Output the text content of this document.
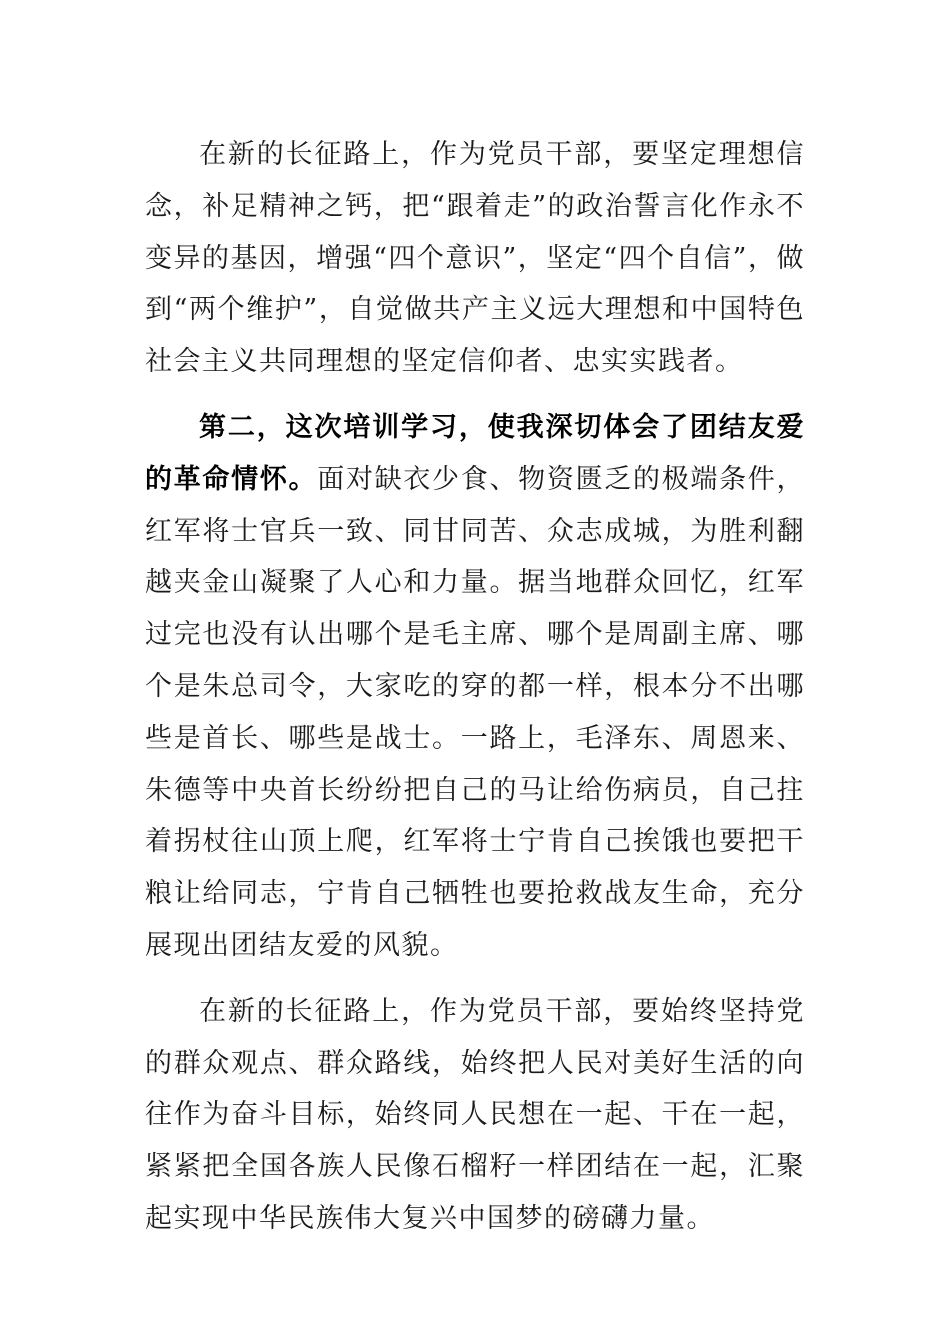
在新的长征路上，作为党员干部，要坚定理想信念，补足精神之钙，把“跟着走”的政治誓言化作永不变异的基因，增强“四个意识”，坚定“四个自信”，做到“两个维护”，自觉做共产主义远大理想和中国特色社会主义共同理想的坚定信仰者、忠实实践者。

第二，这次培训学习，使我深切体会了团结友爱的革命情怀。面对缺衣少食、物资匮乏的极端条件，红军将士官兵一致、同甘同苦、众志成城，为胜利翻越夹金山凝聚了人心和力量。据当地群众回忆，红军过完也没有认出哪个是毛主席、哪个是周副主席、哪个是朱总司令，大家吃的穿的都一样，根本分不出哪些是首长、哪些是战士。一路上，毛泽东、周恩来、朱德等中央首长纷纷把自己的马让给伤病员，自己拄着拐杖往山顶上爬，红军将士宁肯自己挨饿也要把干粮让给同志，宁肯自己牺牲也要抢救战友生命，充分展现出团结友爱的风貌。

在新的长征路上，作为党员干部，要始终坚持党的群众观点、群众路线，始终把人民对美好生活的向往作为奋斗目标，始终同人民想在一起、干在一起，紧紧把全国各族人民像石榴籽一样团结在一起，汇聚起实现中华民族伟大复兴中国梦的磅礴力量。
